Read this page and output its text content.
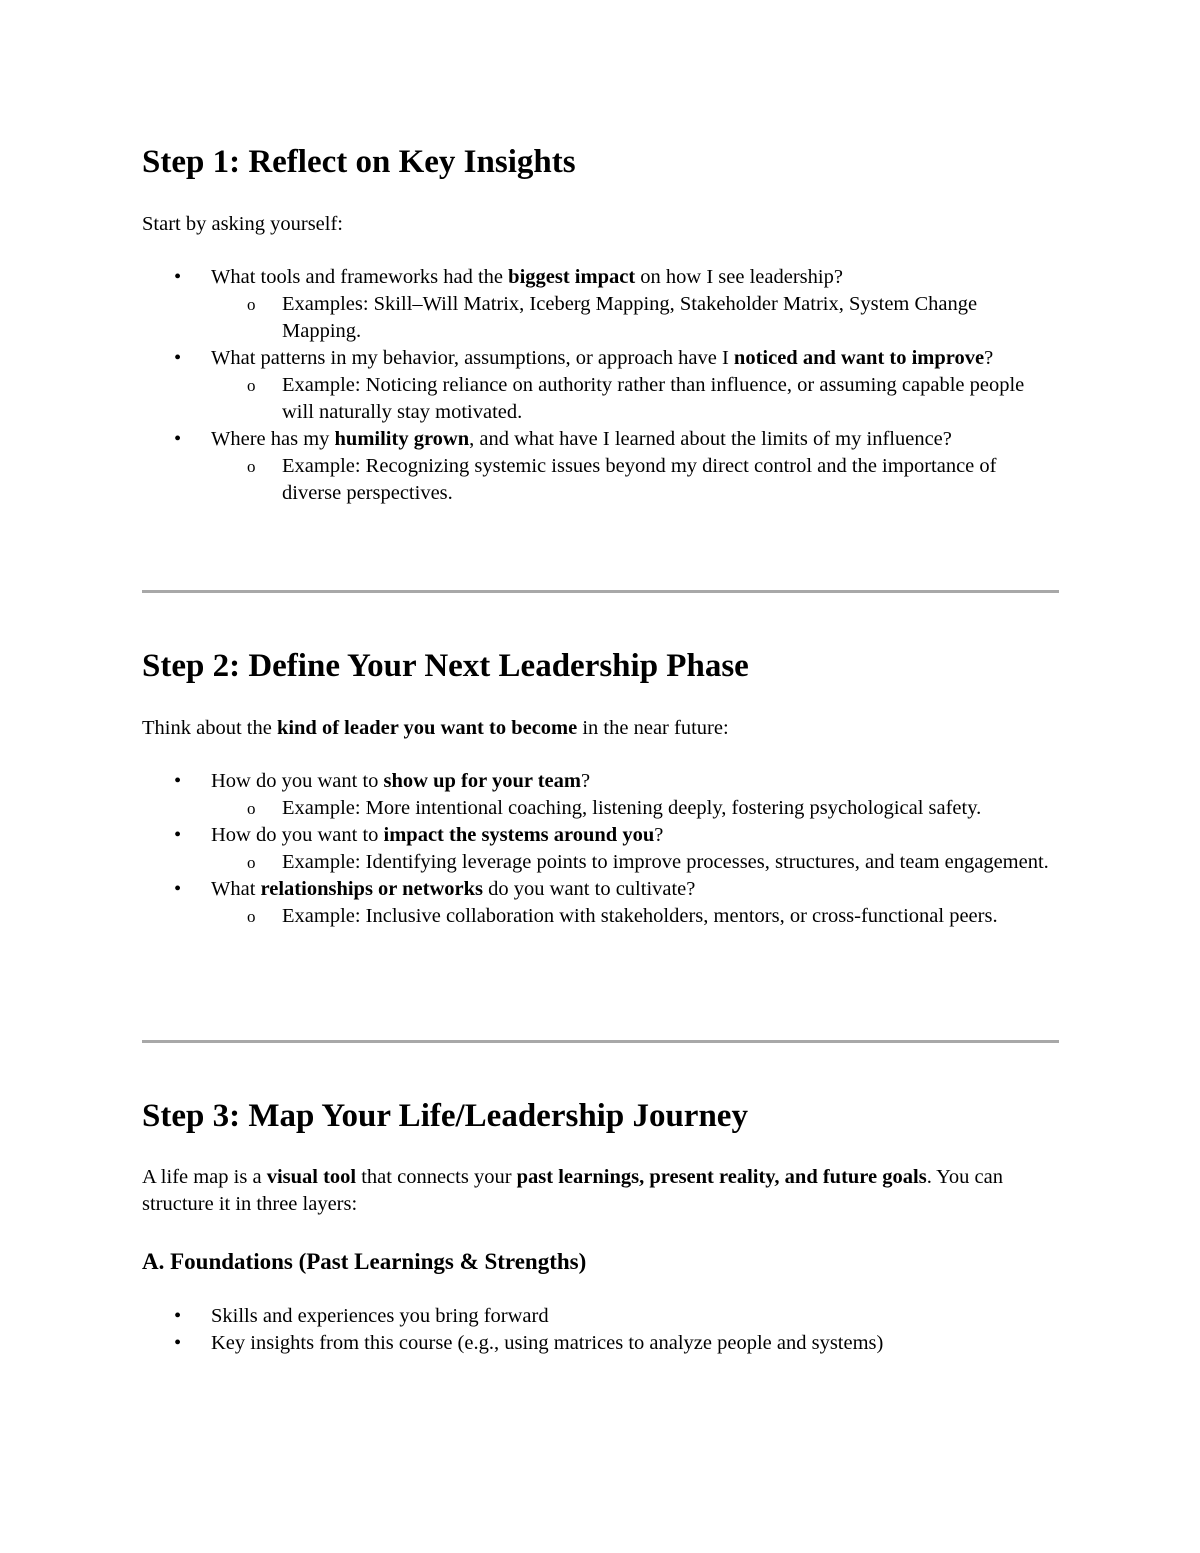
Step 1: Reflect on Key Insights
Start by asking yourself:
• What tools and frameworks had the biggest impact on how I see leadership?
o Examples: Skill–Will Matrix, Iceberg Mapping, Stakeholder Matrix, System Change Mapping.
• What patterns in my behavior, assumptions, or approach have I noticed and want to improve?
o Example: Noticing reliance on authority rather than influence, or assuming capable people will naturally stay motivated.
• Where has my humility grown, and what have I learned about the limits of my influence?
o Example: Recognizing systemic issues beyond my direct control and the importance of diverse perspectives.
Step 2: Define Your Next Leadership Phase
Think about the kind of leader you want to become in the near future:
• How do you want to show up for your team?
o Example: More intentional coaching, listening deeply, fostering psychological safety.
• How do you want to impact the systems around you?
o Example: Identifying leverage points to improve processes, structures, and team engagement.
• What relationships or networks do you want to cultivate?
o Example: Inclusive collaboration with stakeholders, mentors, or cross-functional peers.
Step 3: Map Your Life/Leadership Journey
A life map is a visual tool that connects your past learnings, present reality, and future goals. You can structure it in three layers:
A. Foundations (Past Learnings & Strengths)
• Skills and experiences you bring forward
• Key insights from this course (e.g., using matrices to analyze people and systems)
